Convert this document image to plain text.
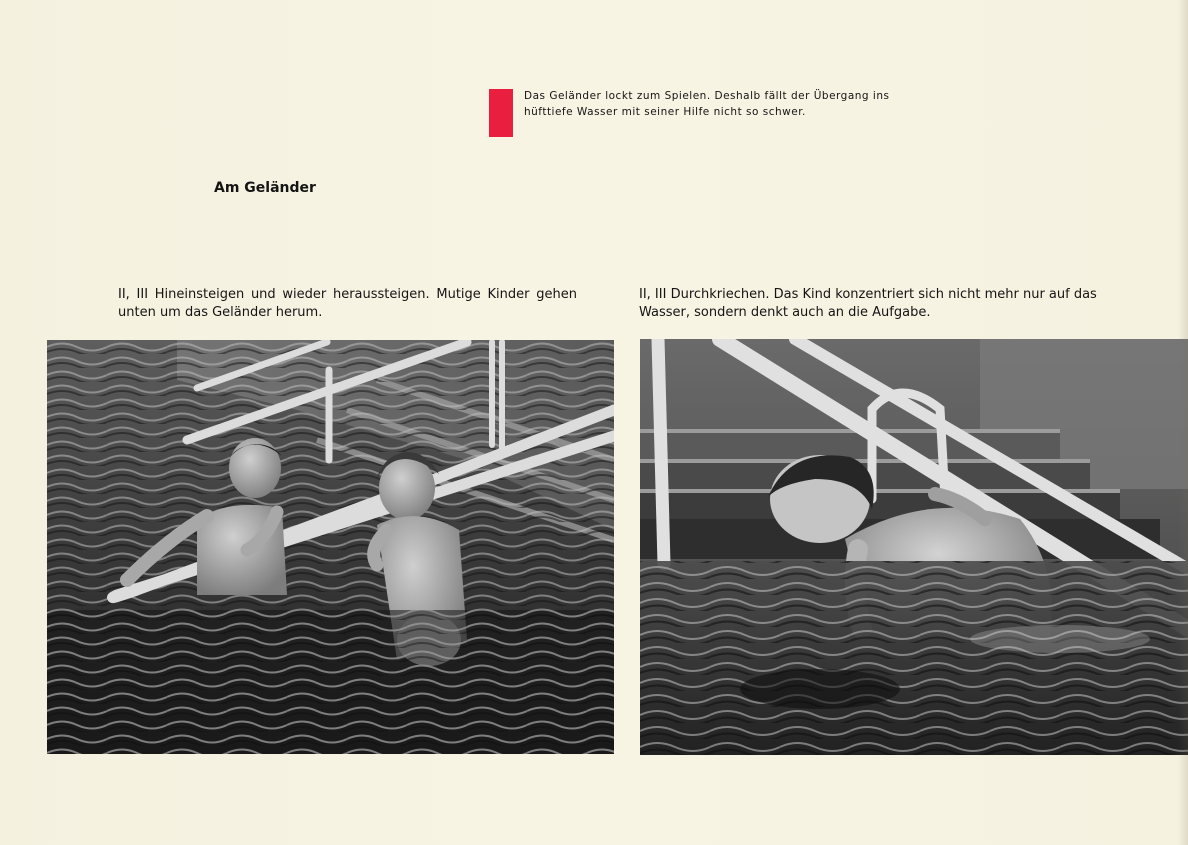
Das Geländer lockt zum Spielen. Deshalb fällt der Übergang ins
hüfttiefe Wasser mit seiner Hilfe nicht so schwer.

Am Geländer

II, III Hineinsteigen und wieder heraussteigen. Mutige Kinder gehen
unten um das Geländer herum.

II, III Durchkriechen. Das Kind konzentriert sich nicht mehr nur auf das
Wasser, sondern denkt auch an die Aufgabe.
